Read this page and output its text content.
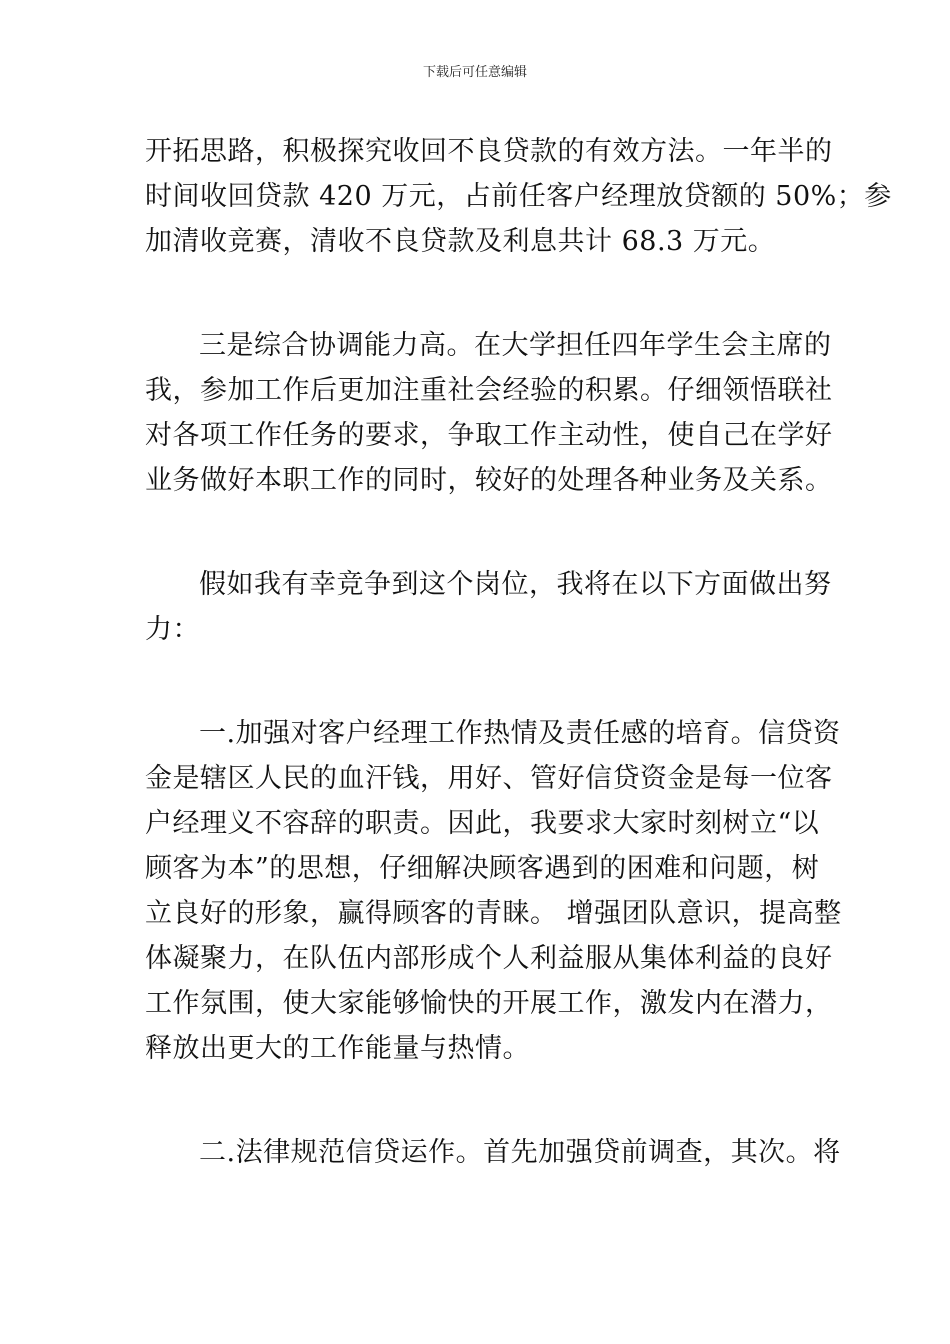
下载后可任意编辑

开拓思路，积极探究收回不良贷款的有效方法。一年半的
时间收回贷款 420 万元，占前任客户经理放贷额的 50%；参
加清收竞赛，清收不良贷款及利息共计 68.3 万元。

三是综合协调能力高。在大学担任四年学生会主席的
我，参加工作后更加注重社会经验的积累。仔细领悟联社
对各项工作任务的要求，争取工作主动性，使自己在学好
业务做好本职工作的同时，较好的处理各种业务及关系。

假如我有幸竞争到这个岗位，我将在以下方面做出努
力：

一.加强对客户经理工作热情及责任感的培育。信贷资
金是辖区人民的血汗钱，用好、管好信贷资金是每一位客
户经理义不容辞的职责。因此，我要求大家时刻树立“以
顾客为本”的思想，仔细解决顾客遇到的困难和问题，树
立良好的形象，赢得顾客的青睐。 增强团队意识，提高整
体凝聚力，在队伍内部形成个人利益服从集体利益的良好
工作氛围，使大家能够愉快的开展工作，激发内在潜力，
释放出更大的工作能量与热情。

二.法律规范信贷运作。首先加强贷前调查，其次。将
